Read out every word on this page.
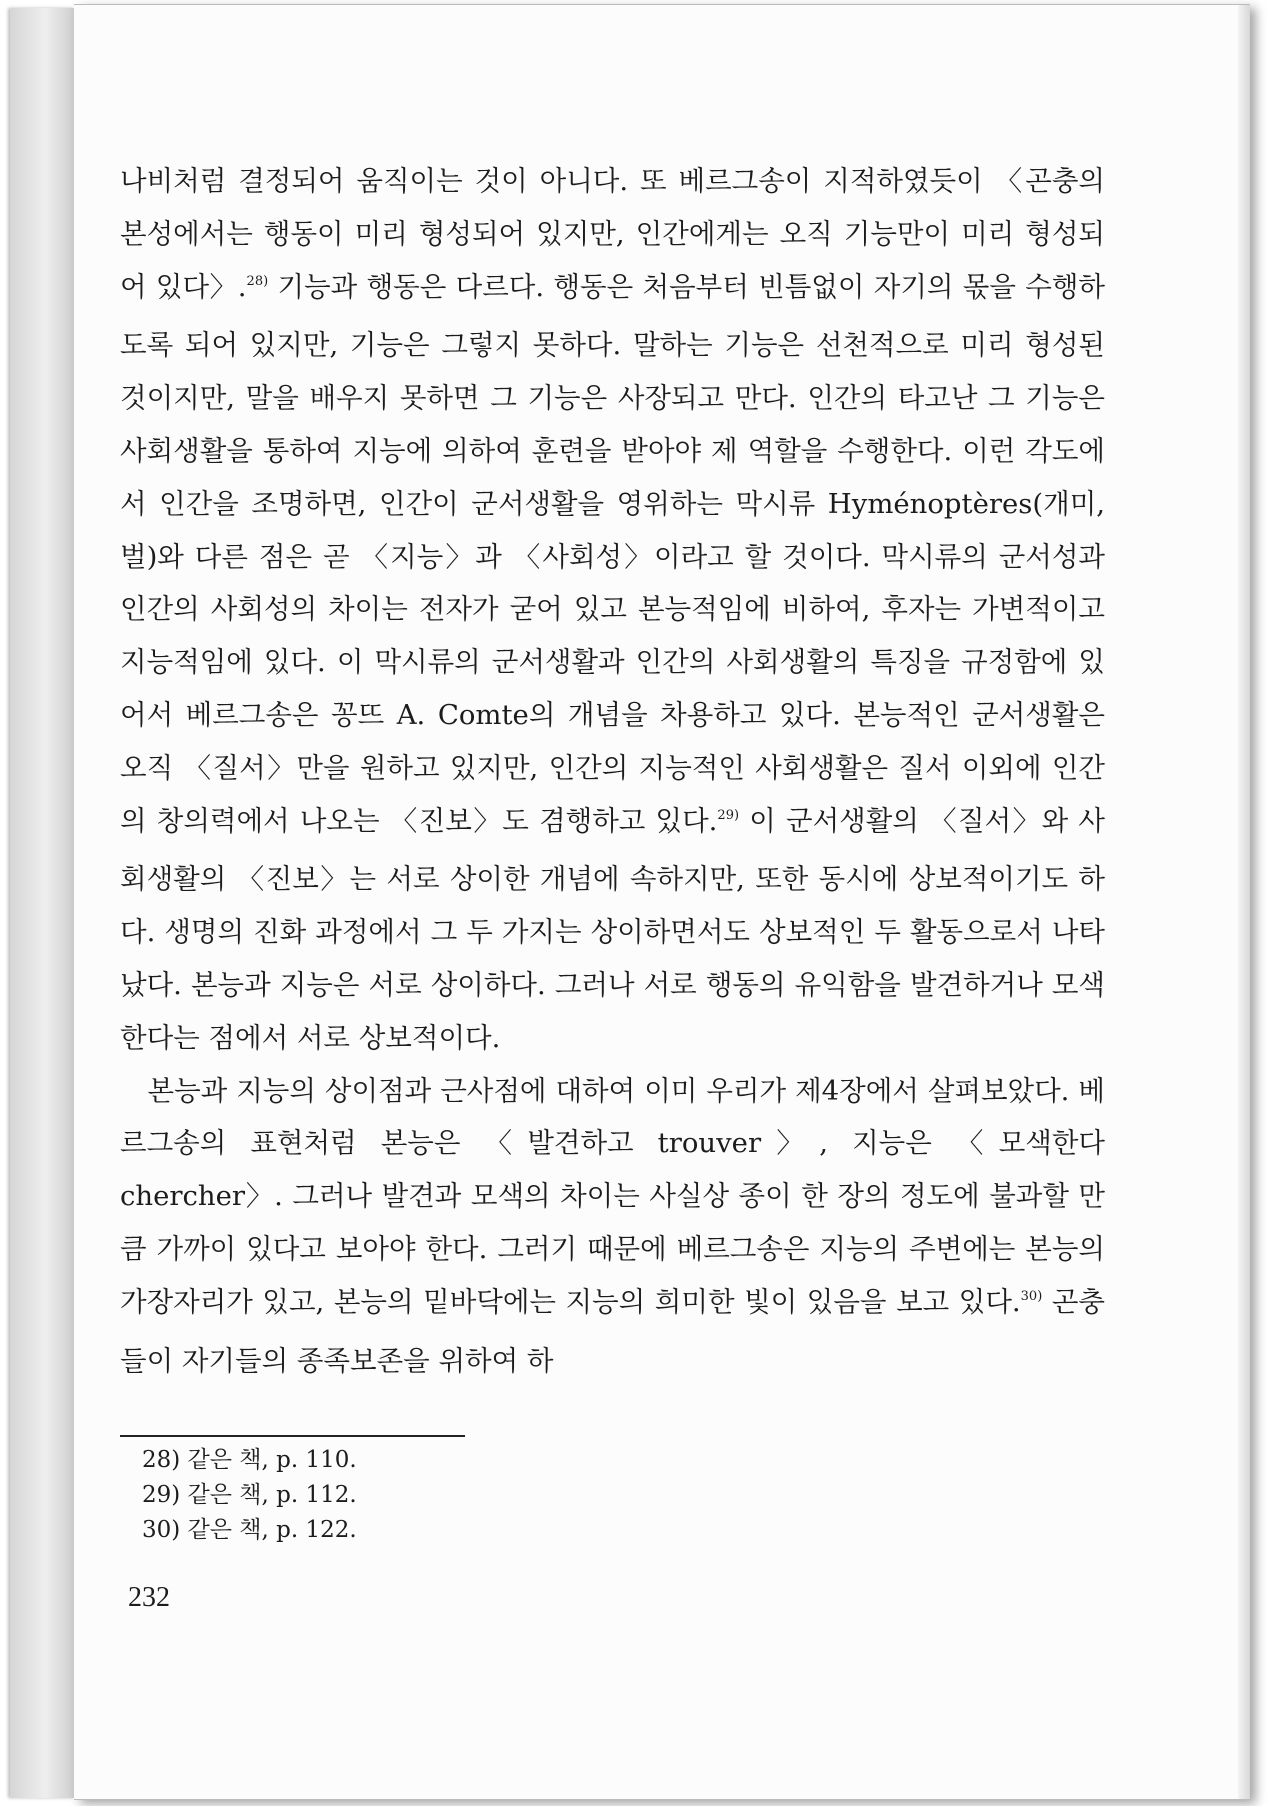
나비처럼 결정되어 움직이는 것이 아니다. 또 베르그송이 지적하였듯이 〈곤충의 본성에서는 행동이 미리 형성되어 있지만, 인간에게는 오직 기능만이 미리 형성되어 있다〉.$^{28)}$ 기능과 행동은 다르다. 행동은 처음부터 빈틈없이 자기의 몫을 수행하도록 되어 있지만, 기능은 그렇지 못하다. 말하는 기능은 선천적으로 미리 형성된 것이지만, 말을 배우지 못하면 그 기능은 사장되고 만다. 인간의 타고난 그 기능은 사회생활을 통하여 지능에 의하여 훈련을 받아야 제 역할을 수행한다. 이런 각도에서 인간을 조명하면, 인간이 군서생활을 영위하는 막시류 Hyménoptères(개미, 벌)와 다른 점은 곧 〈지능〉과 〈사회성〉이라고 할 것이다. 막시류의 군서성과 인간의 사회성의 차이는 전자가 굳어 있고 본능적임에 비하여, 후자는 가변적이고 지능적임에 있다. 이 막시류의 군서생활과 인간의 사회생활의 특징을 규정함에 있어서 베르그송은 꽁뜨 A. Comte의 개념을 차용하고 있다. 본능적인 군서생활은 오직 〈질서〉만을 원하고 있지만, 인간의 지능적인 사회생활은 질서 이외에 인간의 창의력에서 나오는 〈진보〉도 겸행하고 있다.$^{29)}$ 이 군서생활의 〈질서〉와 사회생활의 〈진보〉는 서로 상이한 개념에 속하지만, 또한 동시에 상보적이기도 하다. 생명의 진화 과정에서 그 두 가지는 상이하면서도 상보적인 두 활동으로서 나타났다. 본능과 지능은 서로 상이하다. 그러나 서로 행동의 유익함을 발견하거나 모색한다는 점에서 서로 상보적이다.

본능과 지능의 상이점과 근사점에 대하여 이미 우리가 제4장에서 살펴보았다. 베르그송의 표현처럼 본능은 〈발견하고 trouver〉, 지능은 〈모색한다 chercher〉. 그러나 발견과 모색의 차이는 사실상 종이 한 장의 정도에 불과할 만큼 가까이 있다고 보아야 한다. 그러기 때문에 베르그송은 지능의 주변에는 본능의 가장자리가 있고, 본능의 밑바닥에는 지능의 희미한 빛이 있음을 보고 있다.$^{30)}$ 곤충들이 자기들의 종족보존을 위하여 하

28) 같은 책, p. 110.
29) 같은 책, p. 112.
30) 같은 책, p. 122.
232
